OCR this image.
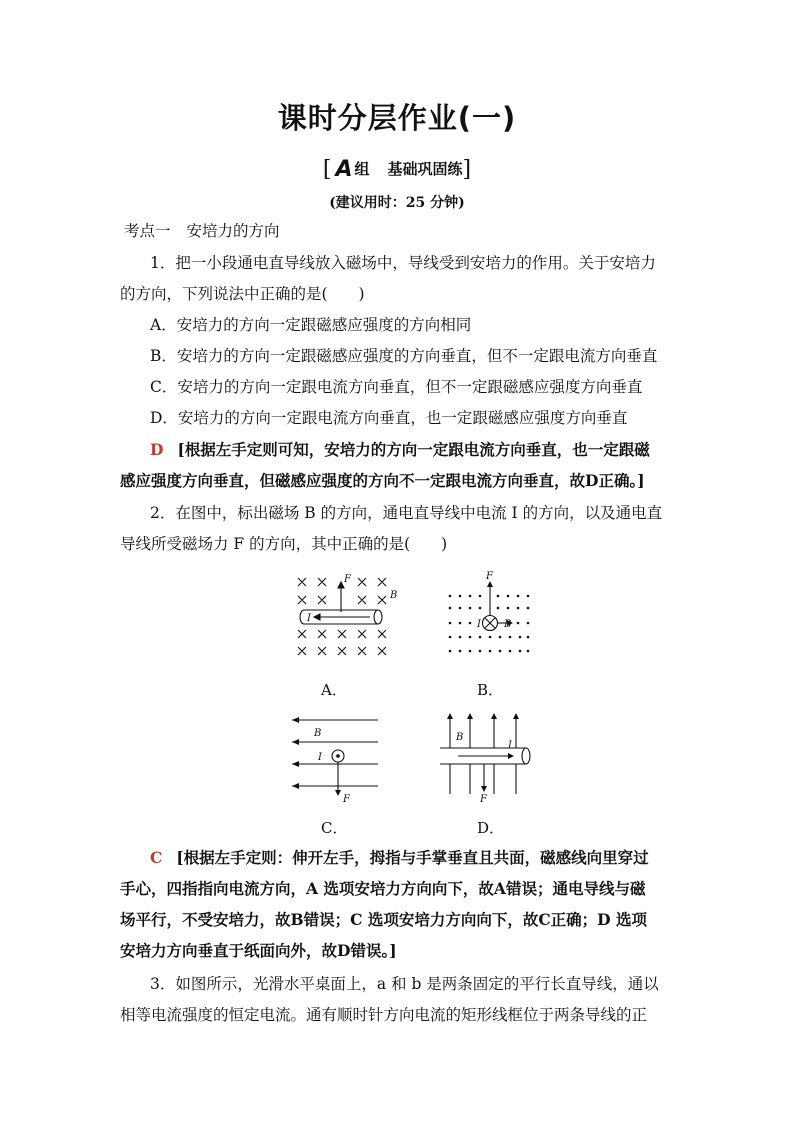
课时分层作业(一)
[ A 组 基础巩固练]
(建议用时：25 分钟)
考点一 安培力的方向
1．把一小段通电直导线放入磁场中，导线受到安培力的作用。关于安培力
的方向，下列说法中正确的是(　　)
A．安培力的方向一定跟磁感应强度的方向相同
B．安培力的方向一定跟磁感应强度的方向垂直，但不一定跟电流方向垂直
C．安培力的方向一定跟电流方向垂直，但不一定跟磁感应强度方向垂直
D．安培力的方向一定跟电流方向垂直，也一定跟磁感应强度方向垂直
D [根据左手定则可知，安培力的方向一定跟电流方向垂直，也一定跟磁
感应强度方向垂直，但磁感应强度的方向不一定跟电流方向垂直，故D正确。]
2．在图中，标出磁场 B 的方向，通电直导线中电流 I 的方向，以及通电直
导线所受磁场力 F 的方向，其中正确的是(　　)
F
B
I
A．
F
I B
B．
B
I
F
C．
B
I
F
D．
C [根据左手定则：伸开左手，拇指与手掌垂直且共面，磁感线向里穿过
手心，四指指向电流方向，A 选项安培力方向向下，故A错误；通电导线与磁
场平行，不受安培力，故B错误；C 选项安培力方向向下，故C正确；D 选项
安培力方向垂直于纸面向外，故D错误。]
3．如图所示，光滑水平桌面上，a 和 b 是两条固定的平行长直导线，通以
相等电流强度的恒定电流。通有顺时针方向电流的矩形线框位于两条导线的正
